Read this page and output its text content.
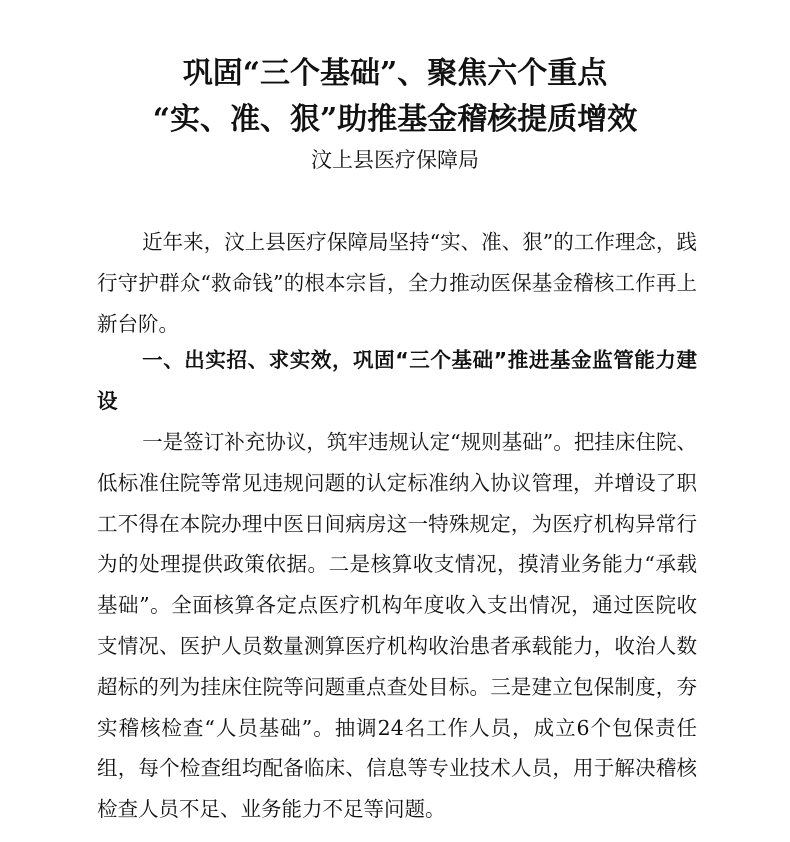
巩固“三个基础”、聚焦六个重点
“实、准、狠”助推基金稽核提质增效
汶上县医疗保障局

近年来，汶上县医疗保障局坚持“实、准、狠”的工作理念，践行守护群众“救命钱”的根本宗旨，全力推动医保基金稽核工作再上新台阶。

一、出实招、求实效，巩固“三个基础”推进基金监管能力建设

一是签订补充协议，筑牢违规认定“规则基础”。把挂床住院、低标准住院等常见违规问题的认定标准纳入协议管理，并增设了职工不得在本院办理中医日间病房这一特殊规定，为医疗机构异常行为的处理提供政策依据。二是核算收支情况，摸清业务能力“承载基础”。全面核算各定点医疗机构年度收入支出情况，通过医院收支情况、医护人员数量测算医疗机构收治患者承载能力，收治人数超标的列为挂床住院等问题重点查处目标。三是建立包保制度，夯实稽核检查“人员基础”。抽调24名工作人员，成立6个包保责任组，每个检查组均配备临床、信息等专业技术人员，用于解决稽核检查人员不足、业务能力不足等问题。
